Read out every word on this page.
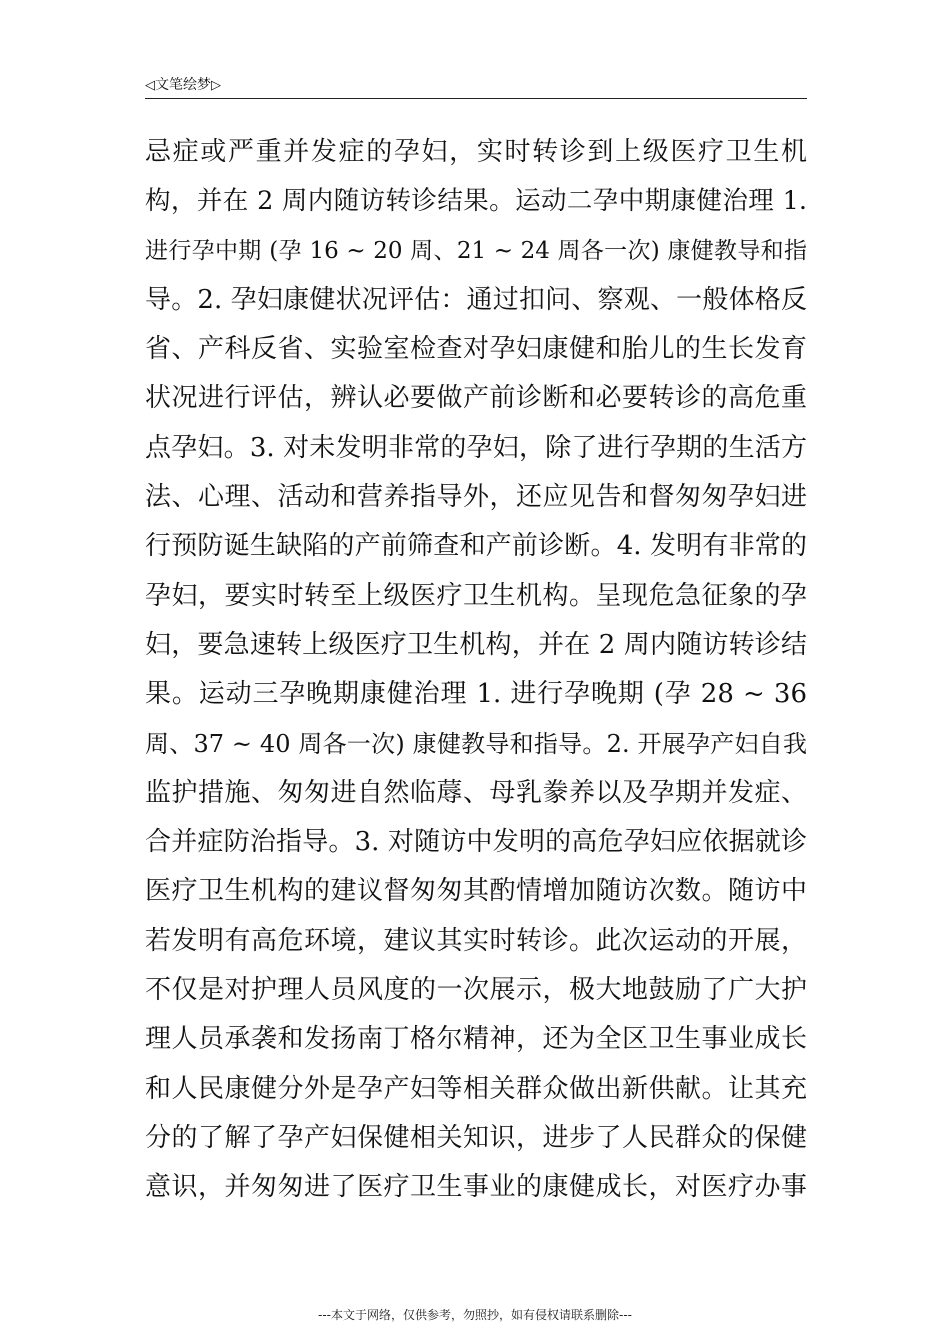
◁文笔绘梦▷
忌症或严重并发症的孕妇，实时转诊到上级医疗卫生机
构，并在 2 周内随访转诊结果。运动二孕中期康健治理 1.
进行孕中期 (孕 16 ~ 20 周、21 ~ 24 周各一次) 康健教导和指
导。2. 孕妇康健状况评估：通过扣问、察观、一般体格反
省、产科反省、实验室检查对孕妇康健和胎儿的生长发育
状况进行评估，辨认必要做产前诊断和必要转诊的高危重
点孕妇。3. 对未发明非常的孕妇，除了进行孕期的生活方
法、心理、活动和营养指导外，还应见告和督匆匆孕妇进
行预防诞生缺陷的产前筛查和产前诊断。4. 发明有非常的
孕妇，要实时转至上级医疗卫生机构。呈现危急征象的孕
妇，要急速转上级医疗卫生机构，并在 2 周内随访转诊结
果。运动三孕晚期康健治理 1. 进行孕晚期 (孕 28 ~ 36
周、37 ~ 40 周各一次) 康健教导和指导。2. 开展孕产妇自我
监护措施、匆匆进自然临蓐、母乳豢养以及孕期并发症、
合并症防治指导。3. 对随访中发明的高危孕妇应依据就诊
医疗卫生机构的建议督匆匆其酌情增加随访次数。随访中
若发明有高危环境，建议其实时转诊。此次运动的开展，
不仅是对护理人员风度的一次展示，极大地鼓励了广大护
理人员承袭和发扬南丁格尔精神，还为全区卫生事业成长
和人民康健分外是孕产妇等相关群众做出新供献。让其充
分的了解了孕产妇保健相关知识，进步了人民群众的保健
意识，并匆匆进了医疗卫生事业的康健成长，对医疗办事
---本文于网络，仅供参考，勿照抄，如有侵权请联系删除---
